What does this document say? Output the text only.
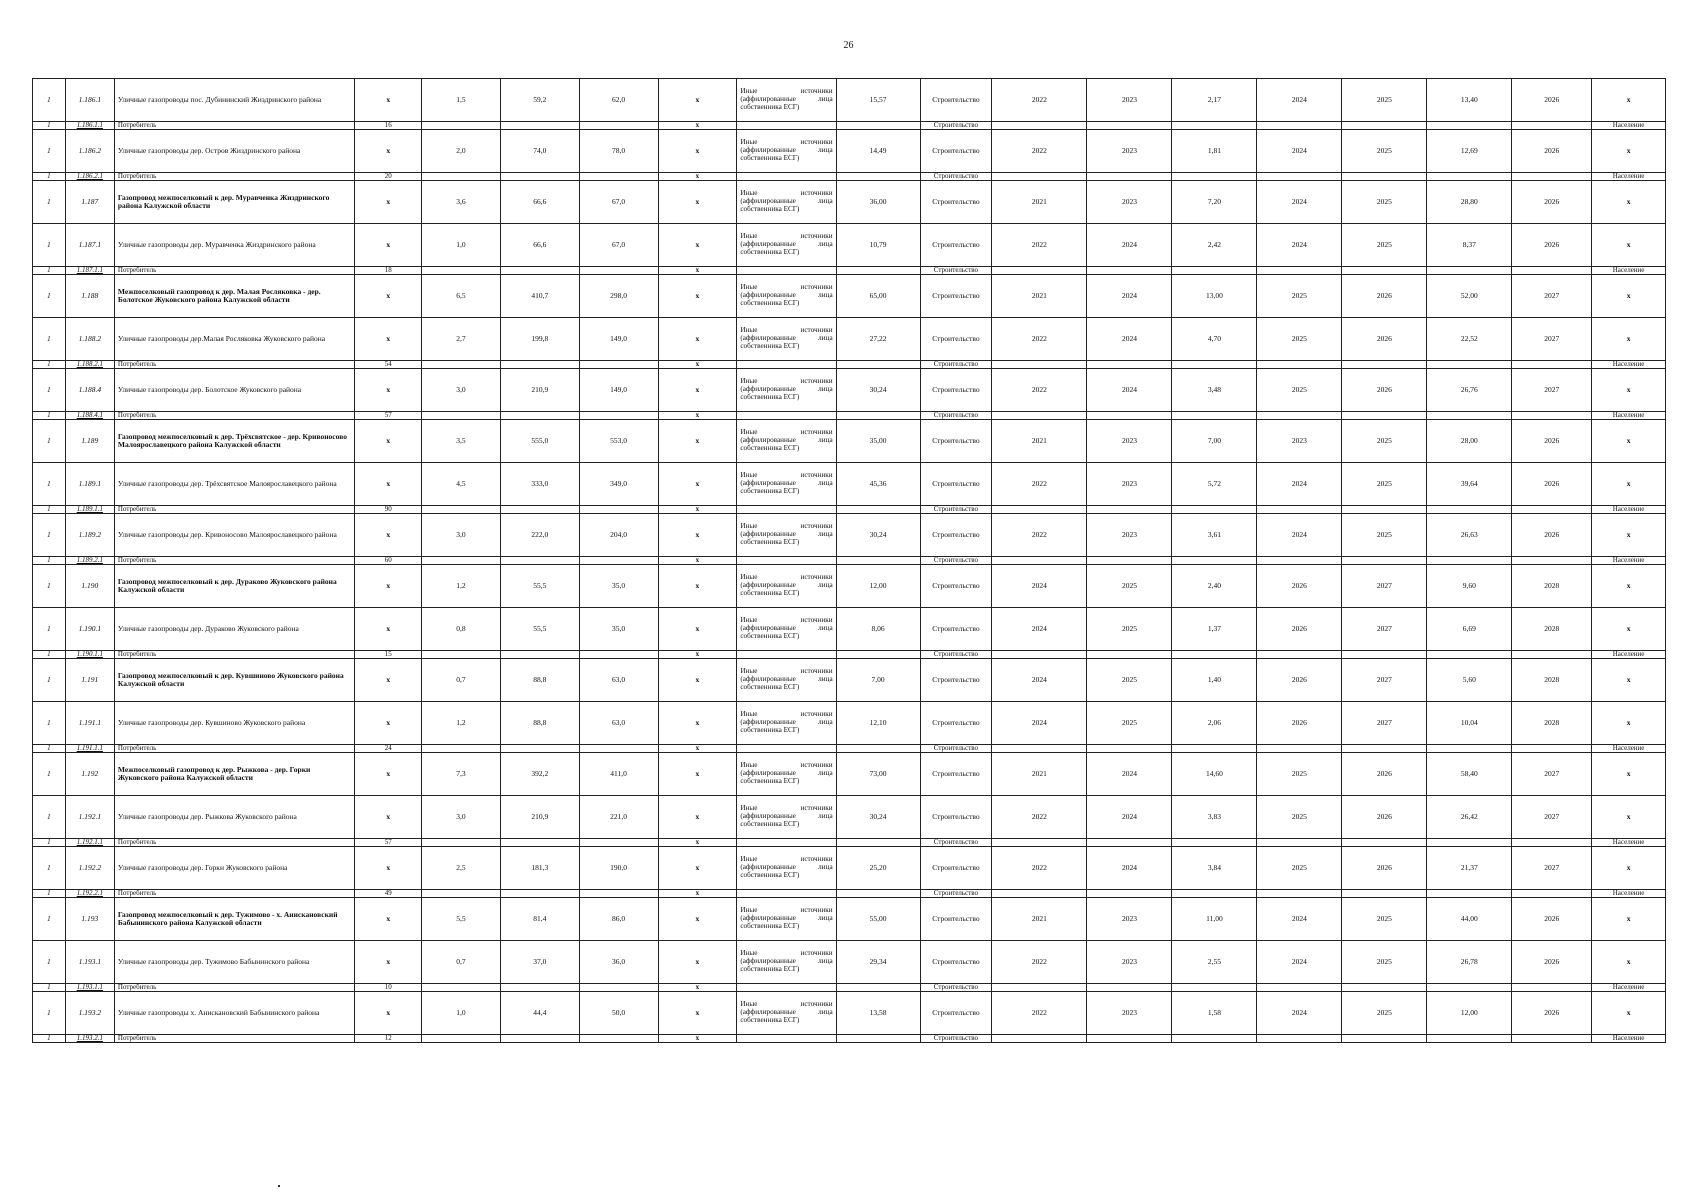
26
1	1.186.1	Уличные газопроводы пос. Дубининский Жиздринского района	x	1,5	59,2	62,0	x	Иные источники (аффилированные лица собственника ЕСГ)	15,57	Строительство	2022	2023	2,17	2024	2025	13,40	2026	x
1	1.186.1.1	Потребитель	16				x			Строительство								Население
1	1.186.2	Уличные газопроводы дер. Остров Жиздринского района	x	2,0	74,0	78,0	x	Иные источники (аффилированные лица собственника ЕСГ)	14,49	Строительство	2022	2023	1,81	2024	2025	12,69	2026	x
1	1.186.2.1	Потребитель	20				x			Строительство								Население
1	1.187	Газопровод межпоселковый к дер. Муравченка Жиздринского района Калужской области	x	3,6	66,6	67,0	x	Иные источники (аффилированные лица собственника ЕСГ)	36,00	Строительство	2021	2023	7,20	2024	2025	28,80	2026	x
1	1.187.1	Уличные газопроводы дер. Муравченка Жиздринского района	x	1,0	66,6	67,0	x	Иные источники (аффилированные лица собственника ЕСГ)	10,79	Строительство	2022	2024	2,42	2024	2025	8,37	2026	x
1	1.187.1.1	Потребитель	18				x			Строительство								Население
1	1.188	Межпоселковый газопровод к дер. Малая Росляковка - дер. Болотское Жуковского района Калужской области	x	6,5	410,7	298,0	x	Иные источники (аффилированные лица собственника ЕСГ)	65,00	Строительство	2021	2024	13,00	2025	2026	52,00	2027	x
1	1.188.2	Уличные газопроводы дер.Малая Росляковка Жуковского района	x	2,7	199,8	149,0	x	Иные источники (аффилированные лица собственника ЕСГ)	27,22	Строительство	2022	2024	4,70	2025	2026	22,52	2027	x
1	1.188.2.1	Потребитель	54				x			Строительство								Население
1	1.188.4	Уличные газопроводы дер. Болотское Жуковского района	x	3,0	210,9	149,0	x	Иные источники (аффилированные лица собственника ЕСГ)	30,24	Строительство	2022	2024	3,48	2025	2026	26,76	2027	x
1	1.188.4.1	Потребитель	57				x			Строительство								Население
1	1.189	Газопровод межпоселковый к дер. Трёхсвятское - дер. Кривоносово Малоярославецкого района Калужской области	x	3,5	555,0	553,0	x	Иные источники (аффилированные лица собственника ЕСГ)	35,00	Строительство	2021	2023	7,00	2023	2025	28,00	2026	x
1	1.189.1	Уличные газопроводы дер. Трёхсвятское Малоярославецкого района	x	4,5	333,0	349,0	x	Иные источники (аффилированные лица собственника ЕСГ)	45,36	Строительство	2022	2023	5,72	2024	2025	39,64	2026	x
1	1.189.1.1	Потребитель	90				x			Строительство								Население
1	1.189.2	Уличные газопроводы дер. Кривоносово Малоярославецкого района	x	3,0	222,0	204,0	x	Иные источники (аффилированные лица собственника ЕСГ)	30,24	Строительство	2022	2023	3,61	2024	2025	26,63	2026	x
1	1.189.2.1	Потребитель	60				x			Строительство								Население
1	1.190	Газопровод межпоселковый к дер. Дураково Жуковского района Калужской области	x	1,2	55,5	35,0	x	Иные источники (аффилированные лица собственника ЕСГ)	12,00	Строительство	2024	2025	2,40	2026	2027	9,60	2028	x
1	1.190.1	Уличные газопроводы дер. Дураково Жуковского района	x	0,8	55,5	35,0	x	Иные источники (аффилированные лица собственника ЕСГ)	8,06	Строительство	2024	2025	1,37	2026	2027	6,69	2028	x
1	1.190.1.1	Потребитель	15				x			Строительство								Население
1	1.191	Газопровод межпоселковый к дер. Кувшиново Жуковского района Калужской области	x	0,7	88,8	63,0	x	Иные источники (аффилированные лица собственника ЕСГ)	7,00	Строительство	2024	2025	1,40	2026	2027	5,60	2028	x
1	1.191.1	Уличные газопроводы дер. Кувшиново Жуковского района	x	1,2	88,8	63,0	x	Иные источники (аффилированные лица собственника ЕСГ)	12,10	Строительство	2024	2025	2,06	2026	2027	10,04	2028	x
1	1.191.1.1	Потребитель	24				x			Строительство								Население
1	1.192	Межпоселковый газопровод к дер. Рыжкова - дер. Горки Жуковского района Калужской области	x	7,3	392,2	411,0	x	Иные источники (аффилированные лица собственника ЕСГ)	73,00	Строительство	2021	2024	14,60	2025	2026	58,40	2027	x
1	1.192.1	Уличные газопроводы дер. Рыжкова Жуковского района	x	3,0	210,9	221,0	x	Иные источники (аффилированные лица собственника ЕСГ)	30,24	Строительство	2022	2024	3,83	2025	2026	26,42	2027	x
1	1.192.1.1	Потребитель	57				x			Строительство								Население
1	1.192.2	Уличные газопроводы дер. Горки Жуковского района	x	2,5	181,3	190,0	x	Иные источники (аффилированные лица собственника ЕСГ)	25,20	Строительство	2022	2024	3,84	2025	2026	21,37	2027	x
1	1.192.2.1	Потребитель	49				x			Строительство								Население
1	1.193	Газопровод межпоселковый к дер. Тужимово - х. Анискановский Бабынинского района Калужской области	x	5,5	81,4	86,0	x	Иные источники (аффилированные лица собственника ЕСГ)	55,00	Строительство	2021	2023	11,00	2024	2025	44,00	2026	x
1	1.193.1	Уличные газопроводы дер. Тужимово Бабынинского района	x	0,7	37,0	36,0	x	Иные источники (аффилированные лица собственника ЕСГ)	29,34	Строительство	2022	2023	2,55	2024	2025	26,78	2026	x
1	1.193.1.1	Потребитель	10				x			Строительство								Население
1	1.193.2	Уличные газопроводы х. Анискановский Бабынинского района	x	1,0	44,4	50,0	x	Иные источники (аффилированные лица собственника ЕСГ)	13,58	Строительство	2022	2023	1,58	2024	2025	12,00	2026	x
1	1.193.2.1	Потребитель	12				x			Строительство								Население
